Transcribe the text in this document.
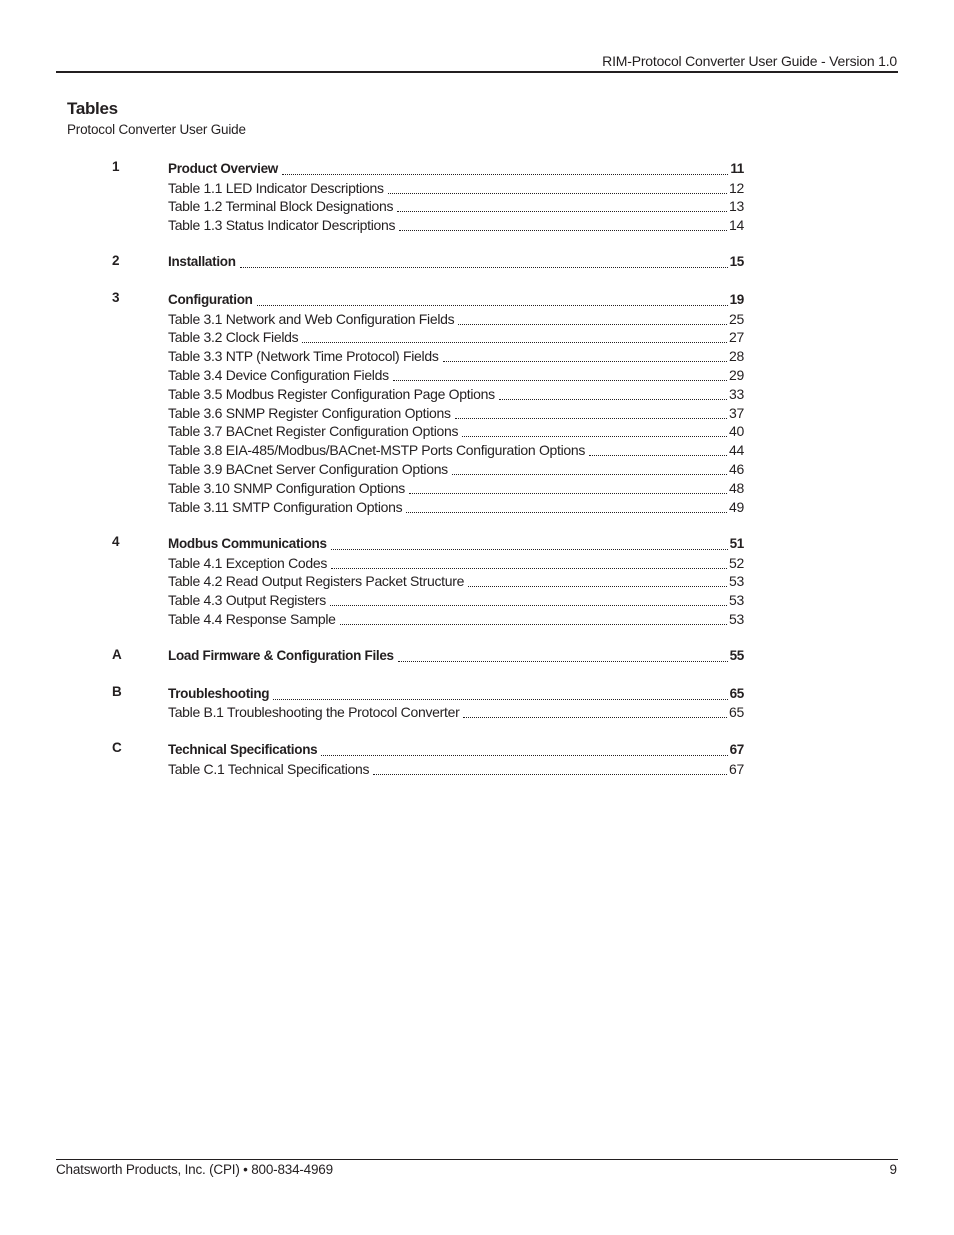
RIM-Protocol Converter User Guide - Version 1.0
Tables
Protocol Converter User Guide
1	Product Overview	11
Table 1.1 LED Indicator Descriptions	12
Table 1.2 Terminal Block Designations	13
Table 1.3 Status Indicator Descriptions	14
2	Installation	15
3	Configuration	19
Table 3.1 Network and Web Configuration Fields	25
Table 3.2 Clock Fields	27
Table 3.3 NTP (Network Time Protocol) Fields	28
Table 3.4 Device Configuration Fields	29
Table 3.5 Modbus Register Configuration Page Options	33
Table 3.6 SNMP Register Configuration Options	37
Table 3.7 BACnet Register Configuration Options	40
Table 3.8 EIA-485/Modbus/BACnet-MSTP Ports Configuration Options	44
Table 3.9 BACnet Server Configuration Options	46
Table 3.10 SNMP Configuration Options	48
Table 3.11 SMTP Configuration Options	49
4	Modbus Communications	51
Table 4.1 Exception Codes	52
Table 4.2 Read Output Registers Packet Structure	53
Table 4.3 Output Registers	53
Table 4.4 Response Sample	53
A	Load Firmware & Configuration Files	55
B	Troubleshooting	65
Table B.1 Troubleshooting the Protocol Converter	65
C	Technical Specifications	67
Table C.1 Technical Specifications	67
Chatsworth Products, Inc. (CPI) • 800-834-4969	9
